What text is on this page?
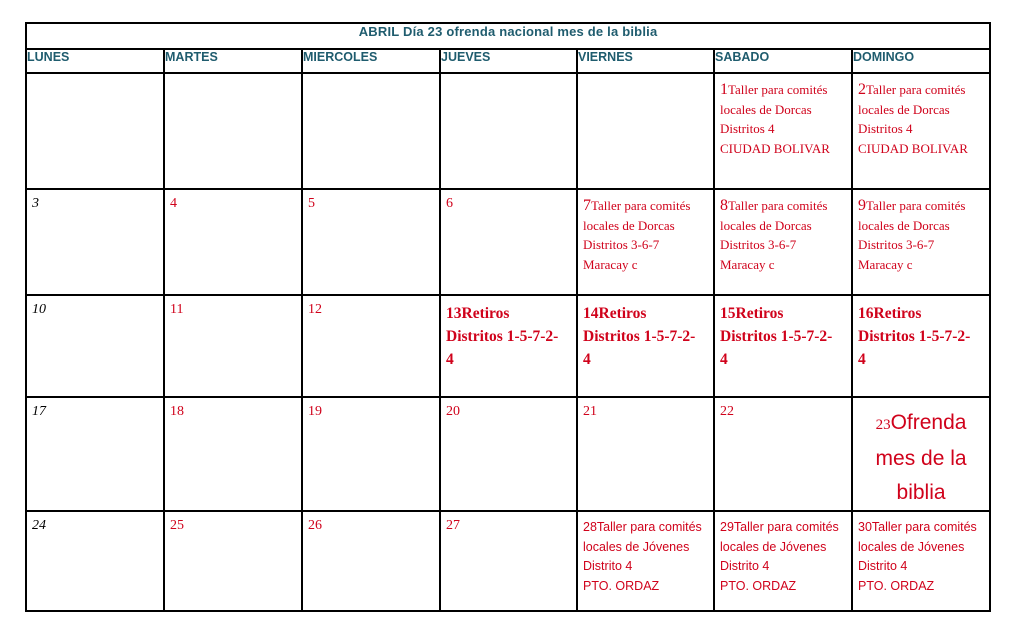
ABRIL Día 23 ofrenda nacional mes de la biblia						
LUNES	MARTES	MIERCOLES	JUEVES	VIERNES	SABADO	DOMINGO

					1Taller para comités
locales de Dorcas
Distritos 4
CIUDAD BOLIVAR	2Taller para comités
locales de Dorcas
Distritos 4
CIUDAD BOLIVAR

3	4	5	6	7Taller para comités
locales de Dorcas
Distritos 3-6-7
Maracay c	8Taller para comités
locales de Dorcas
Distritos 3-6-7
Maracay c	9Taller para comités
locales de Dorcas
Distritos 3-6-7
Maracay c

10	11	12	13Retiros
Distritos 1-5-7-2-
4	14Retiros
Distritos 1-5-7-2-
4	15Retiros
Distritos 1-5-7-2-
4	16Retiros
Distritos 1-5-7-2-
4

17	18	19	20	21	22	23Ofrenda
mes de la
biblia

24	25	26	27	28Taller para comités
locales de Jóvenes
Distrito 4
PTO. ORDAZ	29Taller para comités
locales de Jóvenes
Distrito 4
PTO. ORDAZ	30Taller para comités
locales de Jóvenes
Distrito 4
PTO. ORDAZ
